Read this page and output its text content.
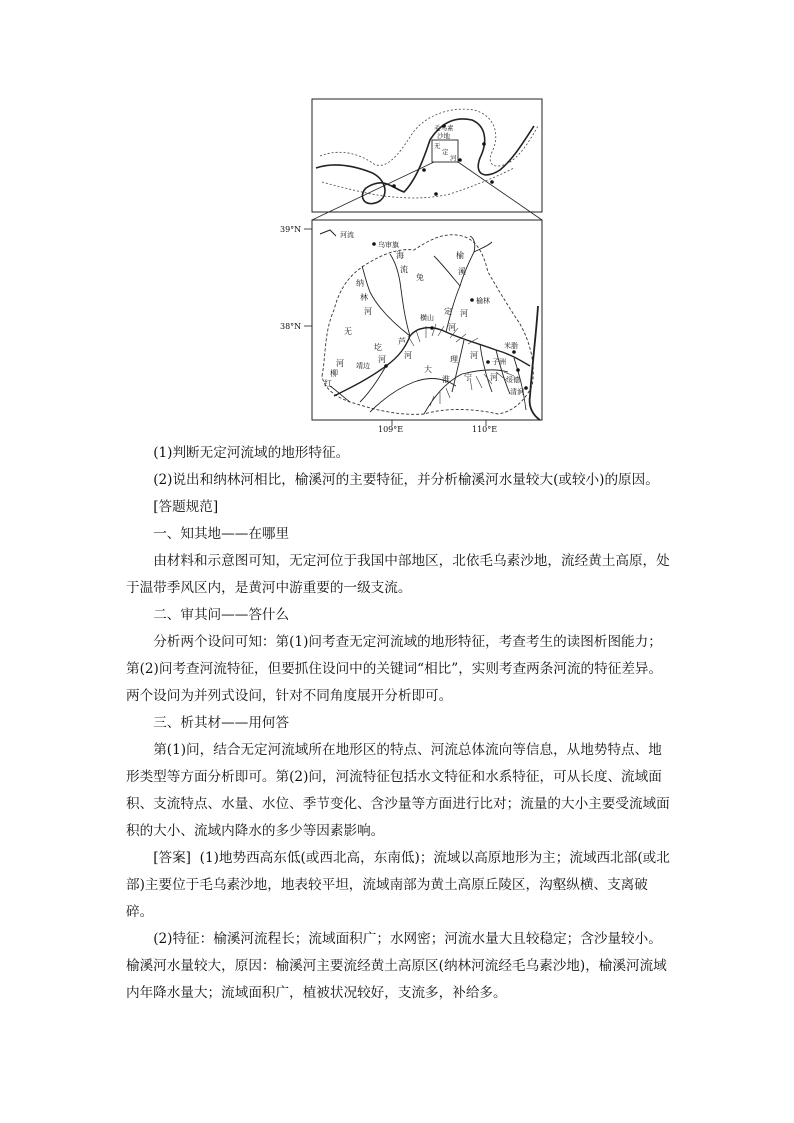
毛乌素
沙地
无
定
河
39°N
38°N
109°E	110°E
河流
乌审旗
榆林
横山
靖边
米脂
子洲
绥德
清涧
海
流
兔
纳
林
河
榆
溪
河
无
定
河
芦
河
大
理 河
淮 宁 河
红
柳
河
圪
河

(1)判断无定河流域的地形特征。

(2)说出和纳林河相比，榆溪河的主要特征，并分析榆溪河水量较大(或较小)的原因。

[答题规范]

一、知其地——在哪里

由材料和示意图可知，无定河位于我国中部地区，北依毛乌素沙地，流经黄土高原，处于温带季风区内，是黄河中游重要的一级支流。

二、审其问——答什么

分析两个设问可知：第(1)问考查无定河流域的地形特征，考查考生的读图析图能力；第(2)问考查河流特征，但要抓住设问中的关键词“相比”，实则考查两条河流的特征差异。两个设问为并列式设问，针对不同角度展开分析即可。

三、析其材——用何答

第(1)问，结合无定河流域所在地形区的特点、河流总体流向等信息，从地势特点、地形类型等方面分析即可。第(2)问，河流特征包括水文特征和水系特征，可从长度、流域面积、支流特点、水量、水位、季节变化、含沙量等方面进行比对；流量的大小主要受流域面积的大小、流域内降水的多少等因素影响。

[答案] (1)地势西高东低(或西北高，东南低)；流域以高原地形为主；流域西北部(或北部)主要位于毛乌素沙地，地表较平坦，流域南部为黄土高原丘陵区，沟壑纵横、支离破碎。

(2)特征：榆溪河流程长；流域面积广；水网密；河流水量大且较稳定；含沙量较小。榆溪河水量较大，原因：榆溪河主要流经黄土高原区(纳林河流经毛乌素沙地)，榆溪河流域内年降水量大；流域面积广，植被状况较好，支流多，补给多。
